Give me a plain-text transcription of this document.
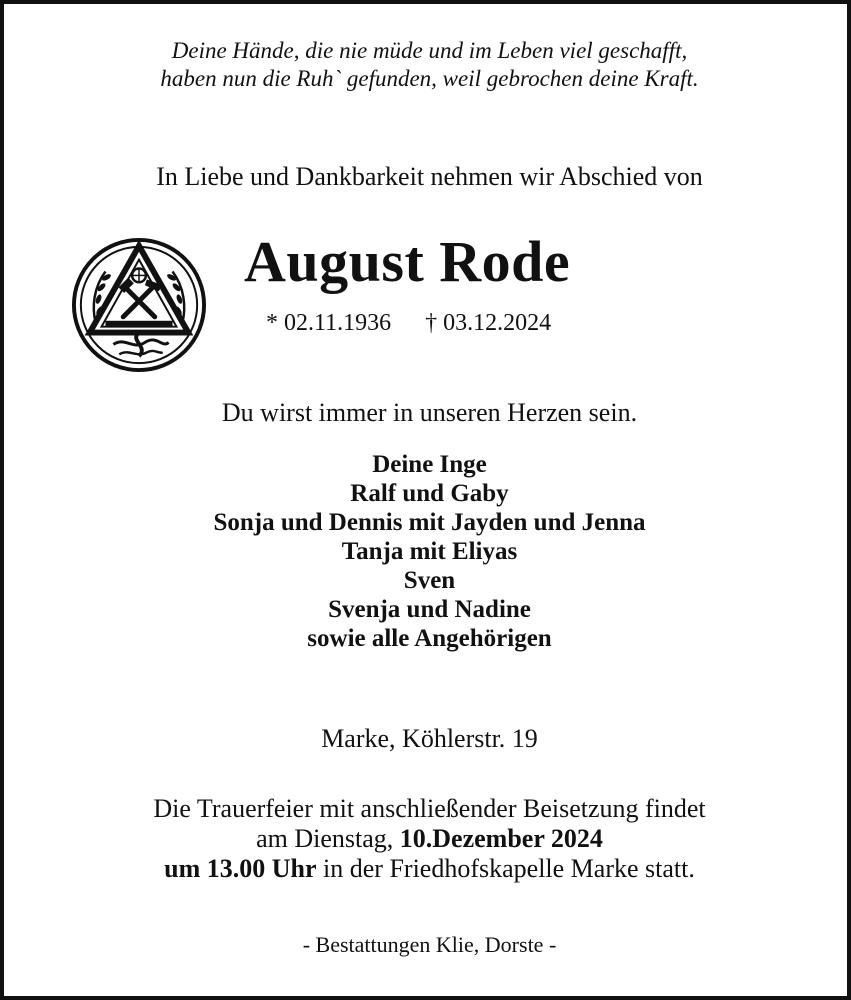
Deine Hände, die nie müde und im Leben viel geschafft,
haben nun die Ruh` gefunden, weil gebrochen deine Kraft.
In Liebe und Dankbarkeit nehmen wir Abschied von
August Rode
* 02.11.1936 † 03.12.2024
Du wirst immer in unseren Herzen sein.
Deine Inge
Ralf und Gaby
Sonja und Dennis mit Jayden und Jenna
Tanja mit Eliyas
Sven
Svenja und Nadine
sowie alle Angehörigen
Marke, Köhlerstr. 19
Die Trauerfeier mit anschließender Beisetzung findet
am Dienstag, 10.Dezember 2024
um 13.00 Uhr in der Friedhofskapelle Marke statt.
- Bestattungen Klie, Dorste -
